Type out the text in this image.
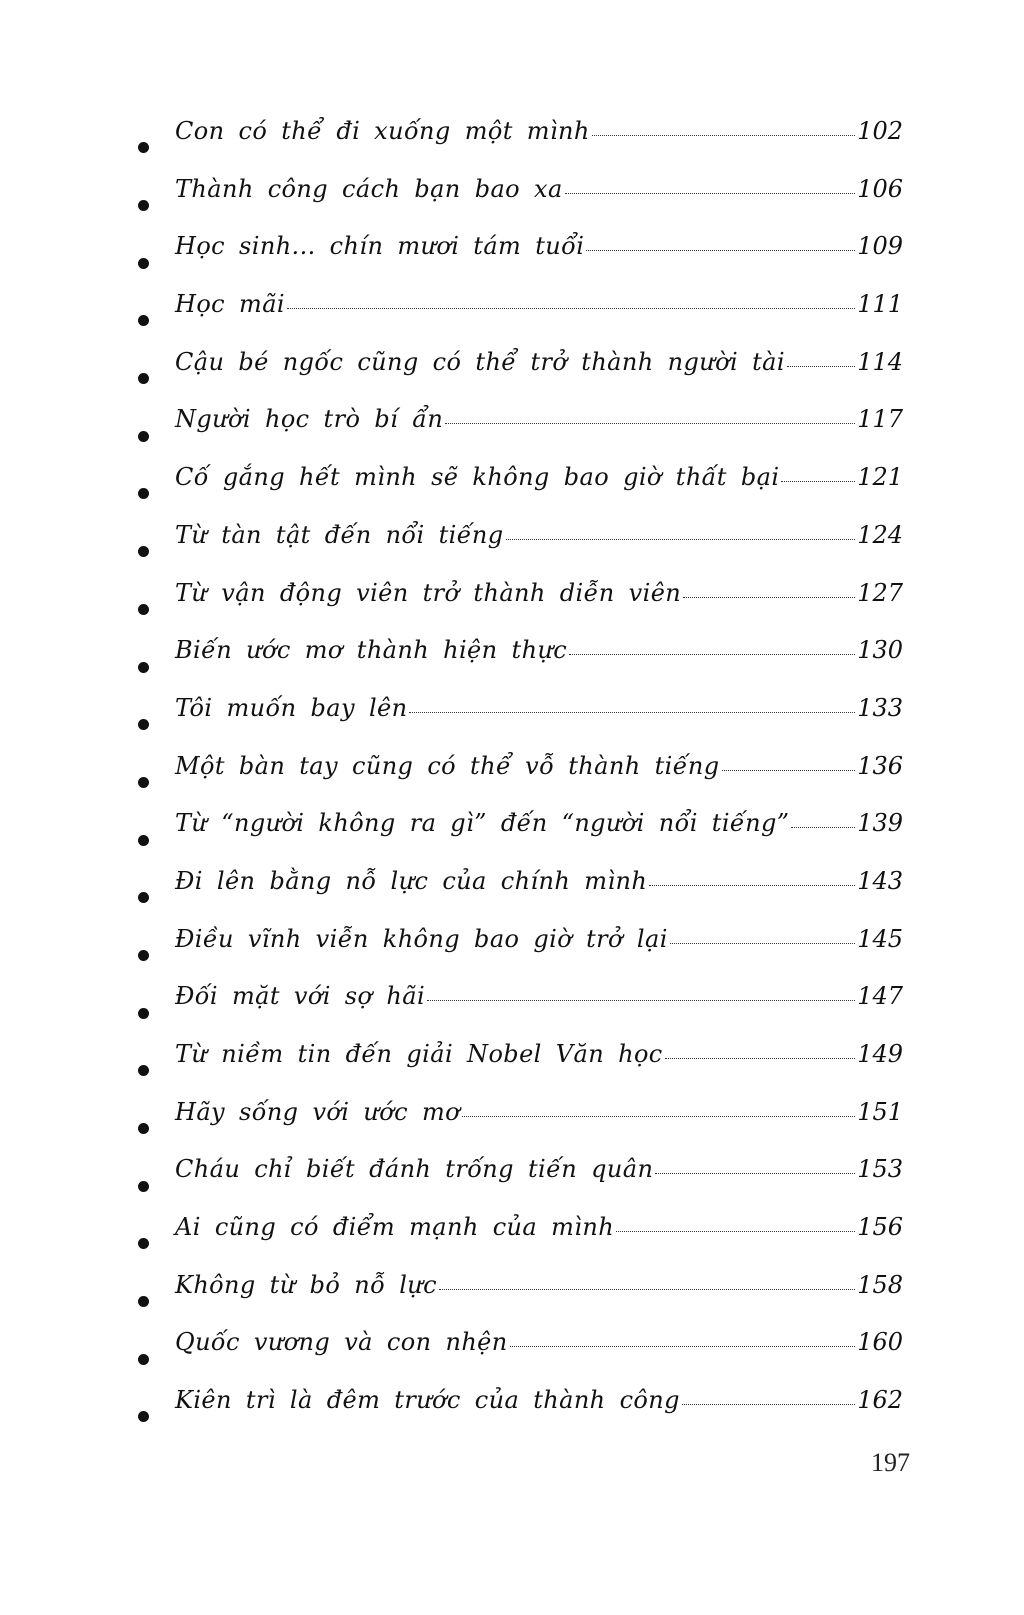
Con có thể đi xuống một mình	102
Thành công cách bạn bao xa	106
Học sinh... chín mươi tám tuổi	109
Học mãi	111
Cậu bé ngốc cũng có thể trở thành người tài	114
Người học trò bí ẩn	117
Cố gắng hết mình sẽ không bao giờ thất bại	121
Từ tàn tật đến nổi tiếng	124
Từ vận động viên trở thành diễn viên	127
Biến ước mơ thành hiện thực	130
Tôi muốn bay lên	133
Một bàn tay cũng có thể vỗ thành tiếng	136
Từ “người không ra gì” đến “người nổi tiếng”	139
Đi lên bằng nỗ lực của chính mình	143
Điều vĩnh viễn không bao giờ trở lại	145
Đối mặt với sợ hãi	147
Từ niềm tin đến giải Nobel Văn học	149
Hãy sống với ước mơ	151
Cháu chỉ biết đánh trống tiến quân	153
Ai cũng có điểm mạnh của mình	156
Không từ bỏ nỗ lực	158
Quốc vương và con nhện	160
Kiên trì là đêm trước của thành công	162
197
